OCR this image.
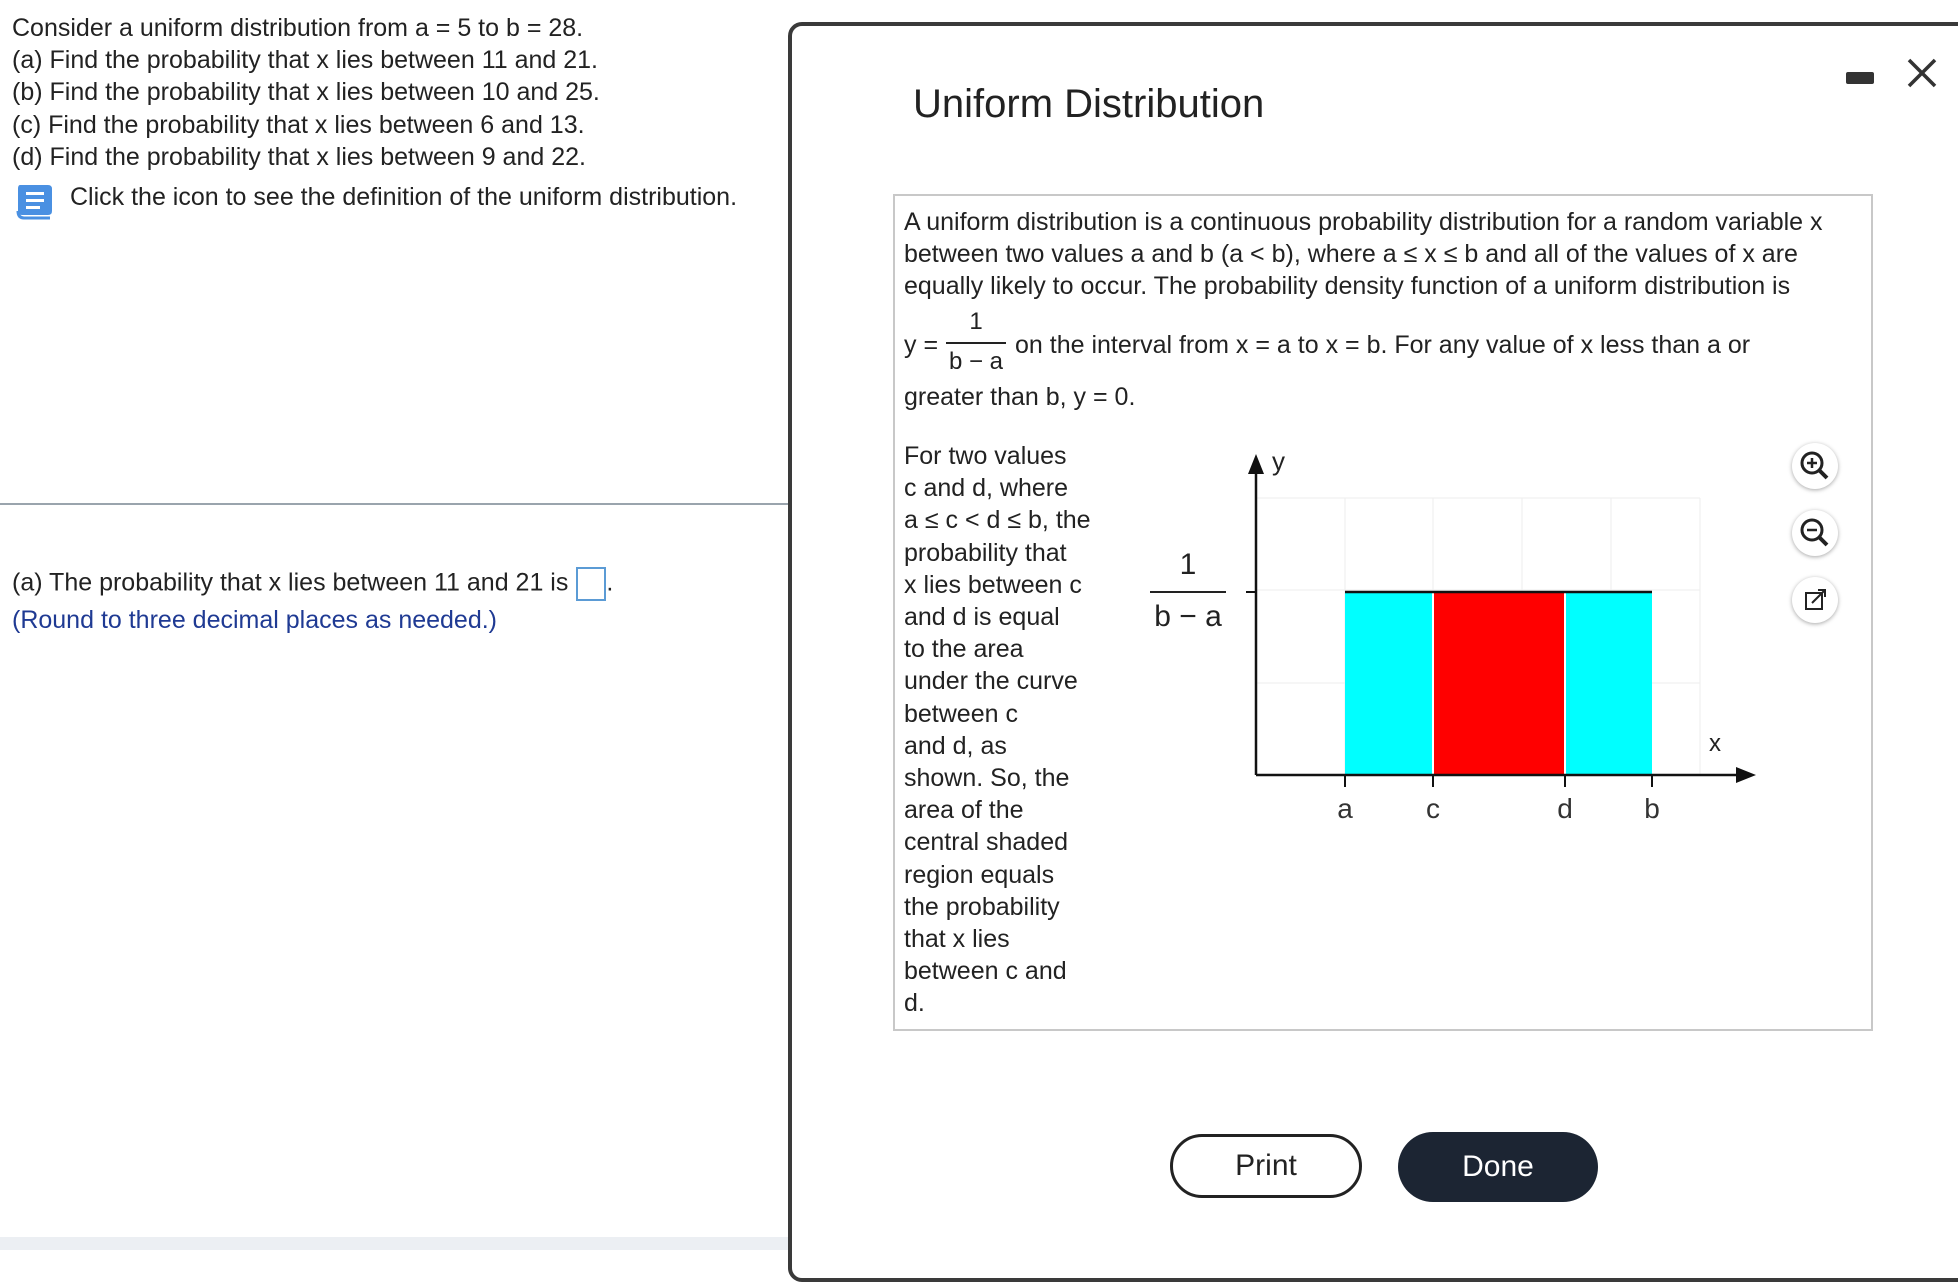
Consider a uniform distribution from a = 5 to b = 28.
(a) Find the probability that x lies between 11 and 21.
(b) Find the probability that x lies between 10 and 25.
(c) Find the probability that x lies between 6 and 13.
(d) Find the probability that x lies between 9 and 22.
Click the icon to see the definition of the uniform distribution.
(a) The probability that x lies between 11 and 21 is .
(Round to three decimal places as needed.)
Uniform Distribution
A uniform distribution is a continuous probability distribution for a random variable x
between two values a and b (a < b), where a ≤ x ≤ b and all of the values of x are
equally likely to occur. The probability density function of a uniform distribution is
y =
1
b − a
on the interval from x = a to x = b. For any value of x less than a or
greater than b, y = 0.
For two values
c and d, where
a ≤ c < d ≤ b, the
probability that
x lies between c
and d is equal
to the area
under the curve
between c
and d, as
shown. So, the
area of the
central shaded
region equals
the probability
that x lies
between c and
d.
y
x
a	c	d	b
1
b − a
Print	Done
